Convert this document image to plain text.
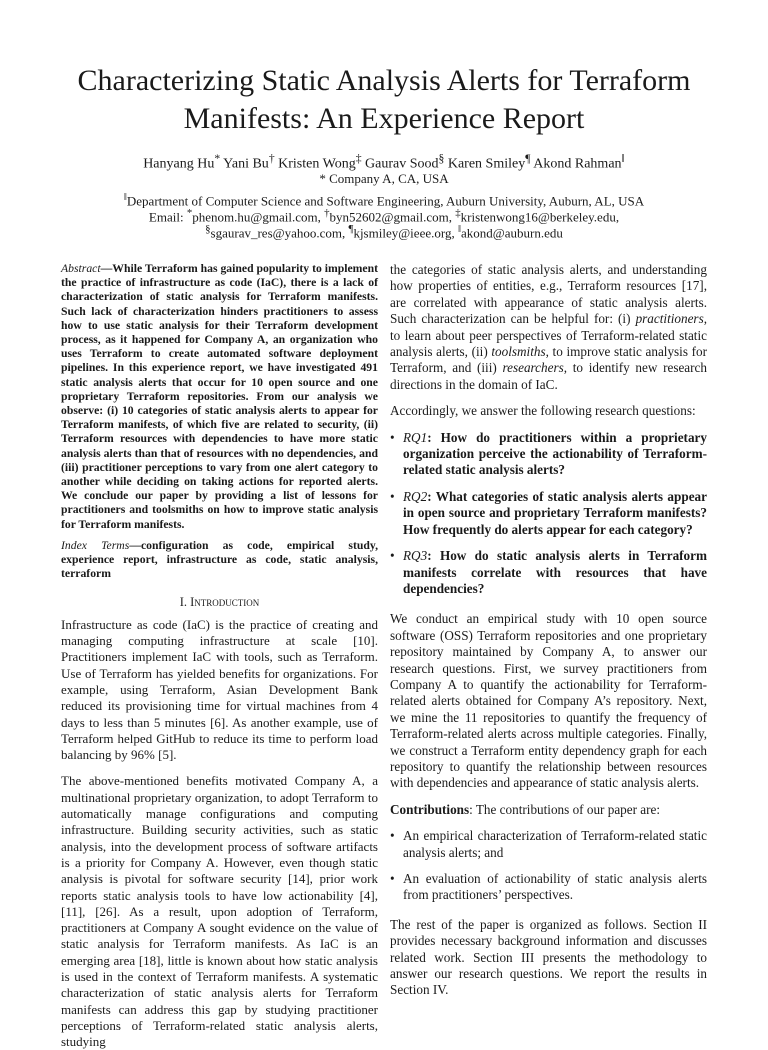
Characterizing Static Analysis Alerts for Terraform
Manifests: An Experience Report
Hanyang Hu* Yani Bu† Kristen Wong‡ Gaurav Sood§ Karen Smiley¶ Akond Rahman‖
* Company A, CA, USA
‖Department of Computer Science and Software Engineering, Auburn University, Auburn, AL, USA
Email: *phenom.hu@gmail.com, †byn52602@gmail.com, ‡kristenwong16@berkeley.edu,
§sgaurav_res@yahoo.com, ¶kjsmiley@ieee.org, ‖akond@auburn.edu

Abstract—While Terraform has gained popularity to implement the practice of infrastructure as code (IaC), there is a lack of characterization of static analysis for Terraform manifests. Such lack of characterization hinders practitioners to assess how to use static analysis for their Terraform development process, as it happened for Company A, an organization who uses Terraform to create automated software deployment pipelines. In this experience report, we have investigated 491 static analysis alerts that occur for 10 open source and one proprietary Terraform repositories. From our analysis we observe: (i) 10 categories of static analysis alerts to appear for Terraform manifests, of which five are related to security, (ii) Terraform resources with dependencies to have more static analysis alerts than that of resources with no dependencies, and (iii) practitioner perceptions to vary from one alert category to another while deciding on taking actions for reported alerts. We conclude our paper by providing a list of lessons for practitioners and toolsmiths on how to improve static analysis for Terraform manifests.

Index Terms—configuration as code, empirical study, experience report, infrastructure as code, static analysis, terraform

I. Introduction

Infrastructure as code (IaC) is the practice of creating and managing computing infrastructure at scale [10]. Practitioners implement IaC with tools, such as Terraform. Use of Terraform has yielded benefits for organizations. For example, using Terraform, Asian Development Bank reduced its provisioning time for virtual machines from 4 days to less than 5 minutes [6]. As another example, use of Terraform helped GitHub to reduce its time to perform load balancing by 96% [5].

The above-mentioned benefits motivated Company A, a multinational proprietary organization, to adopt Terraform to automatically manage configurations and computing infrastructure. Building security activities, such as static analysis, into the development process of software artifacts is a priority for Company A. However, even though static analysis is pivotal for software security [14], prior work reports static analysis tools to have low actionability [4], [11], [26]. As a result, upon adoption of Terraform, practitioners at Company A sought evidence on the value of static analysis for Terraform manifests. As IaC is an emerging area [18], little is known about how static analysis is used in the context of Terraform manifests. A systematic characterization of static analysis alerts for Terraform manifests can address this gap by studying practitioner perceptions of Terraform-related static analysis alerts, studying

the categories of static analysis alerts, and understanding how properties of entities, e.g., Terraform resources [17], are correlated with appearance of static analysis alerts. Such characterization can be helpful for: (i) practitioners, to learn about peer perspectives of Terraform-related static analysis alerts, (ii) toolsmiths, to improve static analysis for Terraform, and (iii) researchers, to identify new research directions in the domain of IaC.

Accordingly, we answer the following research questions:

• RQ1: How do practitioners within a proprietary organization perceive the actionability of Terraform-related static analysis alerts?

• RQ2: What categories of static analysis alerts appear in open source and proprietary Terraform manifests? How frequently do alerts appear for each category?

• RQ3: How do static analysis alerts in Terraform manifests correlate with resources that have dependencies?

We conduct an empirical study with 10 open source software (OSS) Terraform repositories and one proprietary repository maintained by Company A, to answer our research questions. First, we survey practitioners from Company A to quantify the actionability for Terraform-related alerts obtained for Company A’s repository. Next, we mine the 11 repositories to quantify the frequency of Terraform-related alerts across multiple categories. Finally, we construct a Terraform entity dependency graph for each repository to quantify the relationship between resources with dependencies and appearance of static analysis alerts.

Contributions: The contributions of our paper are:

• An empirical characterization of Terraform-related static analysis alerts; and

• An evaluation of actionability of static analysis alerts from practitioners’ perspectives.

The rest of the paper is organized as follows. Section II provides necessary background information and discusses related work. Section III presents the methodology to answer our research questions. We report the results in Section IV.
